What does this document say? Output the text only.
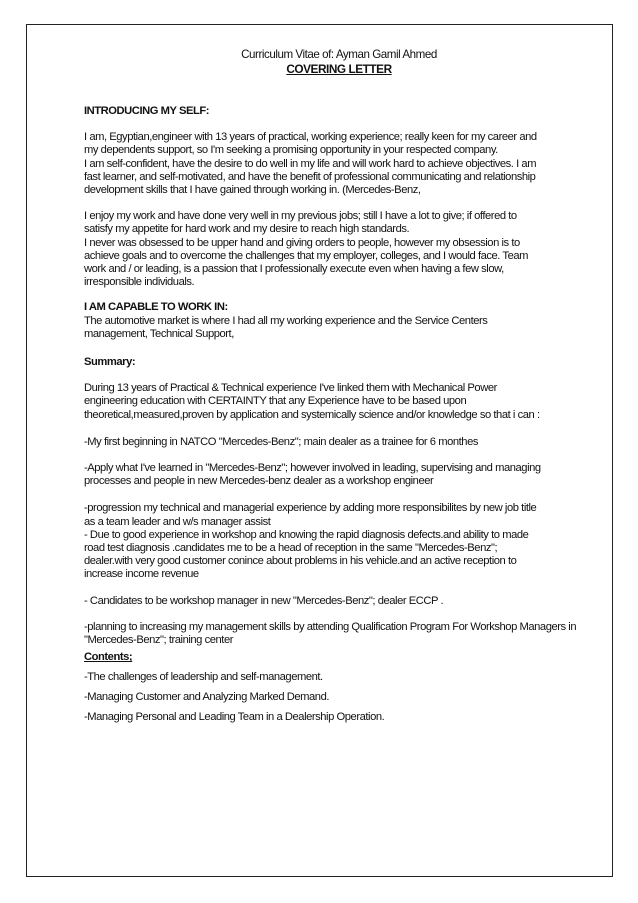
Curriculum Vitae of: Ayman Gamil Ahmed
COVERING LETTER
INTRODUCING MY SELF:
I am, Egyptian,engineer with 13 years of practical, working experience; really keen for my career and
my dependents support, so I'm seeking a promising opportunity in your respected company.
I am self-confident, have the desire to do well in my life and will work hard to achieve objectives. I am
fast learner, and self-motivated, and have the benefit of professional communicating and relationship
development skills that I have gained through working in. (Mercedes-Benz,
I enjoy my work and have done very well in my previous jobs; still I have a lot to give; if offered to
satisfy my appetite for hard work and my desire to reach high standards.
I never was obsessed to be upper hand and giving orders to people, however my obsession is to
achieve goals and to overcome the challenges that my employer, colleges, and I would face. Team
work and / or leading, is a passion that I professionally execute even when having a few slow,
irresponsible individuals.
I AM CAPABLE TO WORK IN:
The automotive market is where I had all my working experience and the Service Centers
management, Technical Support,
Summary:
During 13 years of Practical & Technical experience I've linked them with Mechanical Power
engineering education with CERTAINTY that any Experience have to be based upon
theoretical,measured,proven by application and systemically science and/or knowledge so that i can :
-My first beginning in NATCO "Mercedes-Benz"; main dealer as a trainee for 6 monthes
-Apply what I've learned in "Mercedes-Benz"; however involved in leading, supervising and managing
processes and people in new Mercedes-benz dealer as a workshop engineer
-progression my technical and managerial experience by adding more responsibilites by new job title
as a team leader and w/s manager assist
- Due to good experience in workshop and knowing the rapid diagnosis defects.and ability to made
road test diagnosis .candidates me to be a head of reception in the same "Mercedes-Benz";
dealer.with very good customer conince about problems in his vehicle.and an active reception to
increase income revenue
- Candidates to be workshop manager in new "Mercedes-Benz"; dealer ECCP .
-planning to increasing my management skills by attending Qualification Program For Workshop Managers in
"Mercedes-Benz"; training center
Contents;
-The challenges of leadership and self-management.
-Managing Customer and Analyzing Marked Demand.
-Managing Personal and Leading Team in a Dealership Operation.
